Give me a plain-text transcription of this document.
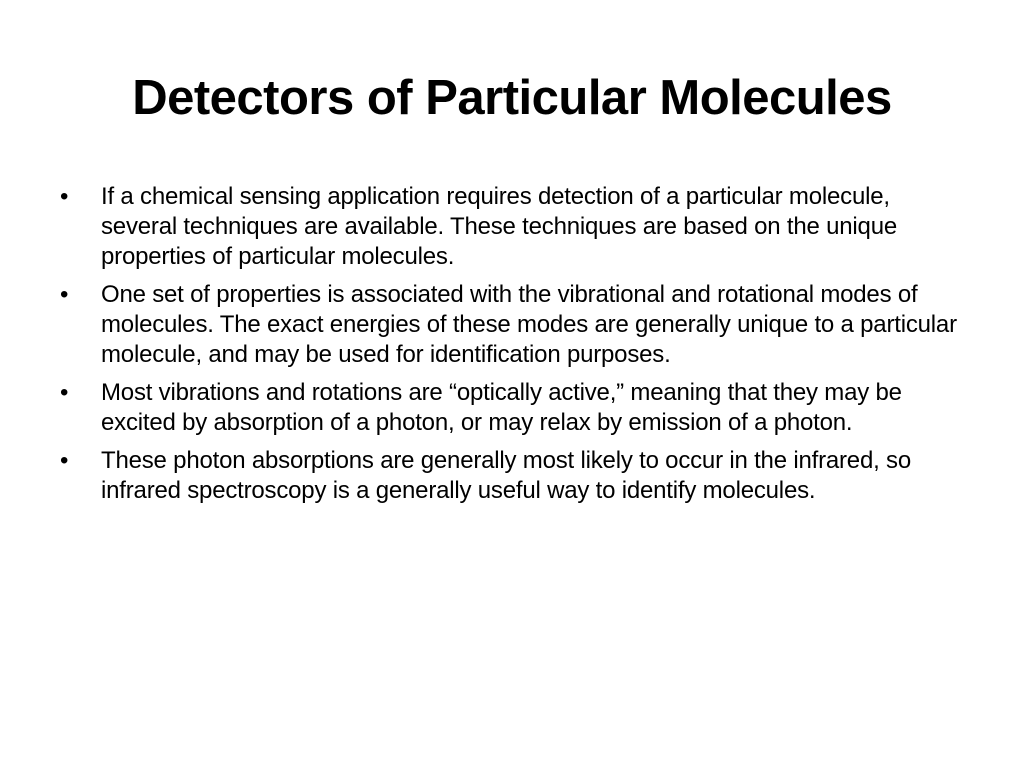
Detectors of Particular Molecules
•	If a chemical sensing application requires detection of a particular molecule, several techniques are available. These techniques are based on the unique properties of particular molecules.
•	One set of properties is associated with the vibrational and rotational modes of molecules. The exact energies of these modes are generally unique to a particular molecule, and may be used for identification purposes.
•	Most vibrations and rotations are “optically active,” meaning that they may be excited by absorption of a photon, or may relax by emission of a photon.
•	These photon absorptions are generally most likely to occur in the infrared, so infrared spectroscopy is a generally useful way to identify molecules.
